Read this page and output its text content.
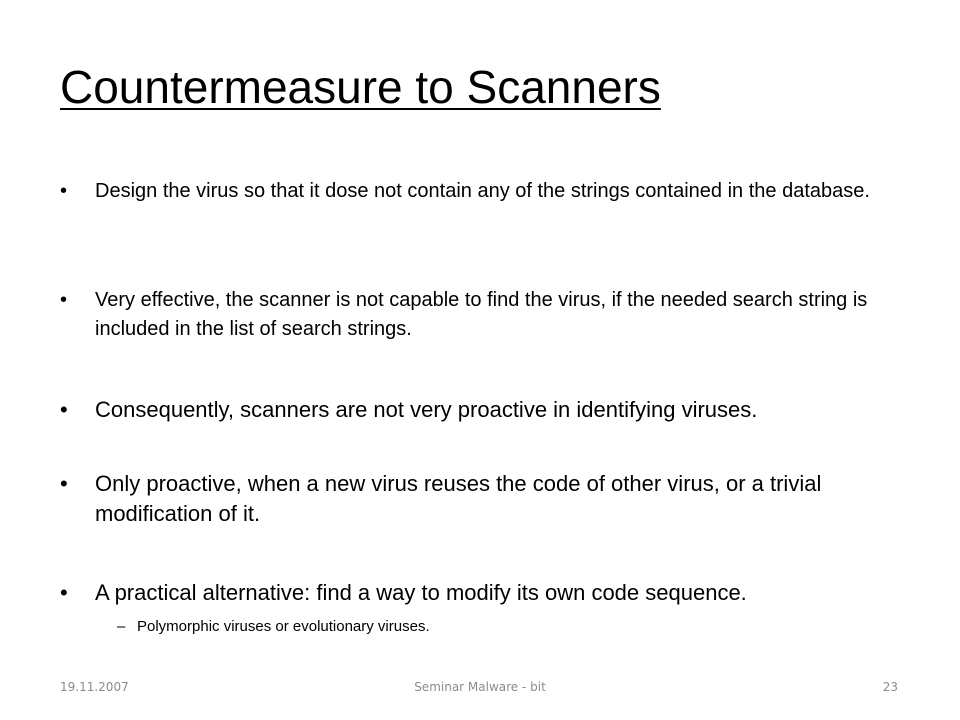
Countermeasure to Scanners
• Design the virus so that it dose not contain any of the strings contained in the database.
• Very effective, the scanner is not capable to find the virus, if the needed search string is included in the list of search strings.
• Consequently, scanners are not very proactive in identifying viruses.
• Only proactive, when a new virus reuses the code of other virus, or a trivial modification of it.
• A practical alternative: find a way to modify its own code sequence.
– Polymorphic viruses or evolutionary viruses.
19.11.2007	Seminar Malware - bit	23
